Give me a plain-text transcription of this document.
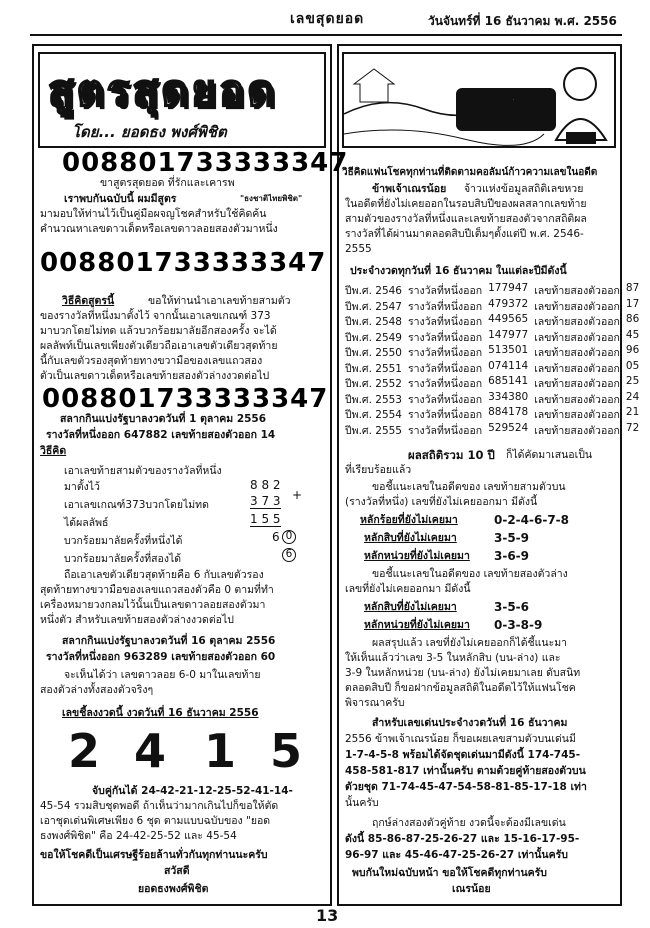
เลขสุดยอด	วันจันทร์ที่ 16 ธันวาคม พ.ศ. 2556
สูตรสุดยอด
โดย... ยอดธง พงศ์พิชิต
เณรน้อย
ขาสูตรสุดยอด ที่รักและเคารพ
เราพบกันฉบับนี้ ผมมีสูตร	"ธงชาติไทยพิชิต"
มามอบให้ท่านไว้เป็นคู่มือผจญโชคสำหรับใช้คิดค้น
คำนวณหาเลขดาวเด็ดหรือเลขดาวลอยสองตัวมาหนึ่ง
วิธีคิดสูตรนี้	ขอให้ท่านนำเอาเลขท้ายสามตัว
ของรางวัลที่หนึ่งมาตั้งไว้ จากนั้นเอาเลขเกณฑ์ 373
มาบวกโดยไม่ทด แล้วบวกร้อยมาลัยอีกสองครั้ง จะได้
ผลลัพท์เป็นเลขเพียงตัวเดียวถือเอาเลขตัวเดียวสุดท้าย
นี้กับเลขตัวรองสุดท้ายทางขวามือของเลขแถวสอง
ตัวเป็นเลขดาวเด็ดหรือเลขท้ายสองตัวล่างงวดต่อไป
สลากกินแบ่งรัฐบาลงวดวันที่ 1 ตุลาคม 2556
รางวัลที่หนึ่งออก 647882 เลขท้ายสองตัวออก 14
วิธีคิด
เอาเลขท้ายสามตัวของรางวัลที่หนึ่ง
มาตั้งไว้
เอาเลขเกณฑ์373บวกโดยไม่ทด
ได้ผลลัพธ์
บวกร้อยมาลัยครั้งที่หนึ่งได้
บวกร้อยมาลัยครั้งที่สองได้
8 8 2
3 7 3 +
1 5 5
6 0
6
ถือเอาเลขตัวเดียวสุดท้ายคือ 6 กับเลขตัวรอง
สุดท้ายทางขวามือของเลขแถวสองตัวคือ 0 ตามที่ทำ
เครื่องหมายวงกลมไว้นั้นเป็นเลขดาวลอยสองตัวมา
หนึ่งตัว สำหรับเลขท้ายสองตัวล่างงวดต่อไป
สลากกินแบ่งรัฐบาลงวดวันที่ 16 ตุลาคม 2556
รางวัลที่หนึ่งออก 963289 เลขท้ายสองตัวออก 60
จะเห็นได้ว่า เลขดาวลอย 6-0 มาในเลขท้าย
สองตัวล่างทั้งสองตัวจริงๆ
เลขชี้ลงงวดนี้ งวดวันที่ 16 ธันวาคม 2556
2 4 1 5
จับคู่กันได้ 24-42-21-12-25-52-41-14-
45-54 รวมสิบชุดพอดี ถ้าเห็นว่ามากเกินไปก็ขอให้ตัด
เอาชุดเด่นพิเศษเพียง 6 ชุด ตามแบบฉบับของ "ยอด
ธงพงศ์พิชิต" คือ 24-42-25-52 และ 45-54
ขอให้โชคดีเป็นเศรษฐีร้อยล้านทั่วกันทุกท่านนะครับ
สวัสดี
ยอดธงพงศ์พิชิต
วิธีคิดแฟนโชคทุกท่านที่ติดตามคอลัมน์ก้าวความเลขในอดีต
ข้าพเจ้าเณรน้อย จ้าวแห่งข้อมูลสถิติเลขหวย
ในอดีตที่ยังไม่เคยออกในรอบสิบปีของผลสลากเลขท้าย
สามตัวของรางวัลที่หนึ่งและเลขท้ายสองตัวจากสถิติผล
รางวัลที่ได้ผ่านมาตลอดสิบปีเต็มๆตั้งแต่ปี พ.ศ. 2546-
2555
ประจำงวดทุกวันที่ 16 ธันวาคม ในแต่ละปีมีดังนี้
ปีพ.ศ. 2546 รางวัลที่หนึ่งออก 177947 เลขท้ายสองตัวออก 87
ปีพ.ศ. 2547 รางวัลที่หนึ่งออก 479372 เลขท้ายสองตัวออก 17
ปีพ.ศ. 2548 รางวัลที่หนึ่งออก 449565 เลขท้ายสองตัวออก 86
ปีพ.ศ. 2549 รางวัลที่หนึ่งออก 147977 เลขท้ายสองตัวออก 45
ปีพ.ศ. 2550 รางวัลที่หนึ่งออก 513501 เลขท้ายสองตัวออก 96
ปีพ.ศ. 2551 รางวัลที่หนึ่งออก 074114 เลขท้ายสองตัวออก 05
ปีพ.ศ. 2552 รางวัลที่หนึ่งออก 685141 เลขท้ายสองตัวออก 25
ปีพ.ศ. 2553 รางวัลที่หนึ่งออก 334380 เลขท้ายสองตัวออก 24
ปีพ.ศ. 2554 รางวัลที่หนึ่งออก 884178 เลขท้ายสองตัวออก 21
ปีพ.ศ. 2555 รางวัลที่หนึ่งออก 529524 เลขท้ายสองตัวออก 72
ผลสถิติรวม 10 ปี ก็ได้คัดมาเสนอเป็น
ที่เรียบร้อยแล้ว
ขอชี้แนะเลขในอดีตของ เลขท้ายสามตัวบน
(รางวัลที่หนึ่ง) เลขที่ยังไม่เคยออกมา มีดังนี้
หลักร้อยที่ยังไม่เคยมา	0-2-4-6-7-8
หลักสิบที่ยังไม่เคยมา	3-5-9
หลักหน่วยที่ยังไม่เคยมา 3-6-9
ขอชี้แนะเลขในอดีตของ เลขท้ายสองตัวล่าง
เลขที่ยังไม่เคยออกมา มีดังนี้
หลักสิบที่ยังไม่เคยมา	3-5-6
หลักหน่วยที่ยังไม่เคยมา 0-3-8-9
ผลสรุปแล้ว เลขที่ยังไม่เคยออกก็ได้ชี้แนะมา
ให้เห็นแล้วว่าเลข 3-5 ในหลักสิบ (บน-ล่าง) และ
3-9 ในหลักหน่วย (บน-ล่าง) ยังไม่เคยมาเลย ดับสนิท
ตลอดสิบปี ก็ขอฝากข้อมูลสถิติในอดีตไว้ให้แฟนโชค
พิจารณาครับ
สำหรับเลขเด่นประจำงวดวันที่ 16 ธันวาคม
2556 ข้าพเจ้าเณรน้อย ก็ขอเผยเลขสามตัวบนเด่นมี
1-7-4-5-8 พร้อมได้จัดชุดเด่นมามีดังนี้ 174-745-
458-581-817 เท่านั้นครับ ตามด้วยคู่ท้ายสองตัวบน
ตัวยชุด 71-74-45-47-54-58-81-85-17-18 เท่า
นั้นครับ
ฤกษ์ล่างสองตัวคู่ท้าย งวดนี้จะต้องมีเลขเด่น
ดังนี้ 85-86-87-25-26-27 และ 15-16-17-95-
96-97 และ 45-46-47-25-26-27 เท่านั้นครับ
พบกันใหม่ฉบับหน้า ขอให้โชคดีทุกท่านครับ
เณรน้อย
008801733333347
008801733333347
008801733333347
13
